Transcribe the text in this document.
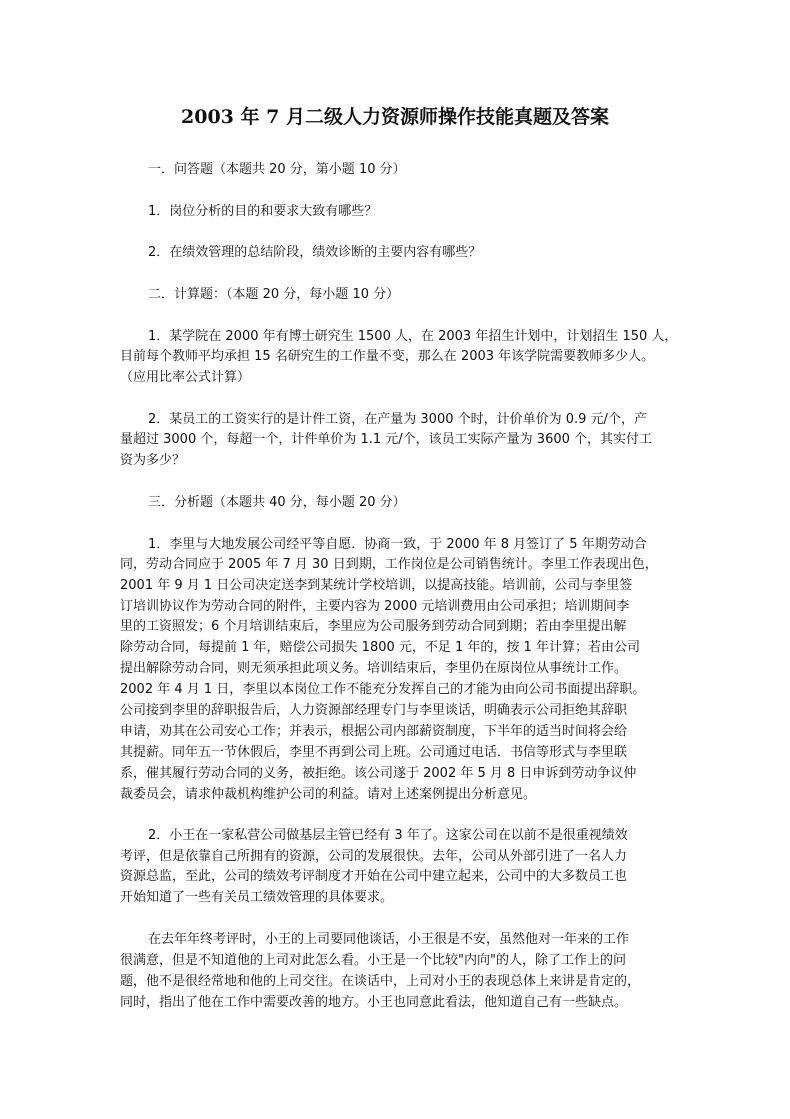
2003 年 7 月二级人力资源师操作技能真题及答案

一．问答题（本题共 20 分，第小题 10 分）

1．岗位分析的目的和要求大致有哪些？

2．在绩效管理的总结阶段，绩效诊断的主要内容有哪些？

二．计算题：（本题 20 分，每小题 10 分）

1．某学院在 2000 年有博士研究生 1500 人，在 2003 年招生计划中，计划招生 150 人，

目前每个教师平均承担 15 名研究生的工作量不变，那么在 2003 年该学院需要教师多少人。

（应用比率公式计算）

2．某员工的工资实行的是计件工资，在产量为 3000 个时，计价单价为 0.9 元/个，产

量超过 3000 个，每超一个，计件单价为 1.1 元/个，该员工实际产量为 3600 个，其实付工

资为多少？

三．分析题（本题共 40 分，每小题 20 分）

1．李里与大地发展公司经平等自愿．协商一致，于 2000 年 8 月签订了 5 年期劳动合

同，劳动合同应于 2005 年 7 月 30 日到期，工作岗位是公司销售统计。李里工作表现出色，

2001 年 9 月 1 日公司决定送李到某统计学校培训，以提高技能。培训前，公司与李里签

订培训协议作为劳动合同的附件，主要内容为 2000 元培训费用由公司承担；培训期间李

里的工资照发；6 个月培训结束后，李里应为公司服务到劳动合同到期；若由李里提出解

除劳动合同，每提前 1 年，赔偿公司损失 1800 元，不足 1 年的，按 1 年计算；若由公司

提出解除劳动合同，则无须承担此项义务。培训结束后，李里仍在原岗位从事统计工作。

2002 年 4 月 1 日，李里以本岗位工作不能充分发挥自己的才能为由向公司书面提出辞职。

公司接到李里的辞职报告后，人力资源部经理专门与李里谈话，明确表示公司拒绝其辞职

申请，劝其在公司安心工作；并表示，根据公司内部薪资制度，下半年的适当时间将会给

其提薪。同年五一节休假后，李里不再到公司上班。公司通过电话．书信等形式与李里联

系，催其履行劳动合同的义务，被拒绝。该公司遂于 2002 年 5 月 8 日申诉到劳动争议仲

裁委员会，请求仲裁机构维护公司的利益。请对上述案例提出分析意见。

2．小王在一家私营公司做基层主管已经有 3 年了。这家公司在以前不是很重视绩效

考评，但是依靠自己所拥有的资源，公司的发展很快。去年，公司从外部引进了一名人力

资源总监，至此，公司的绩效考评制度才开始在公司中建立起来，公司中的大多数员工也

开始知道了一些有关员工绩效管理的具体要求。

在去年年终考评时，小王的上司要同他谈话，小王很是不安，虽然他对一年来的工作

很满意，但是不知道他的上司对此怎么看。小王是一个比较"内向"的人，除了工作上的问

题，他不是很经常地和他的上司交往。在谈话中，上司对小王的表现总体上来讲是肯定的，

同时，指出了他在工作中需要改善的地方。小王也同意此看法，他知道自己有一些缺点。
